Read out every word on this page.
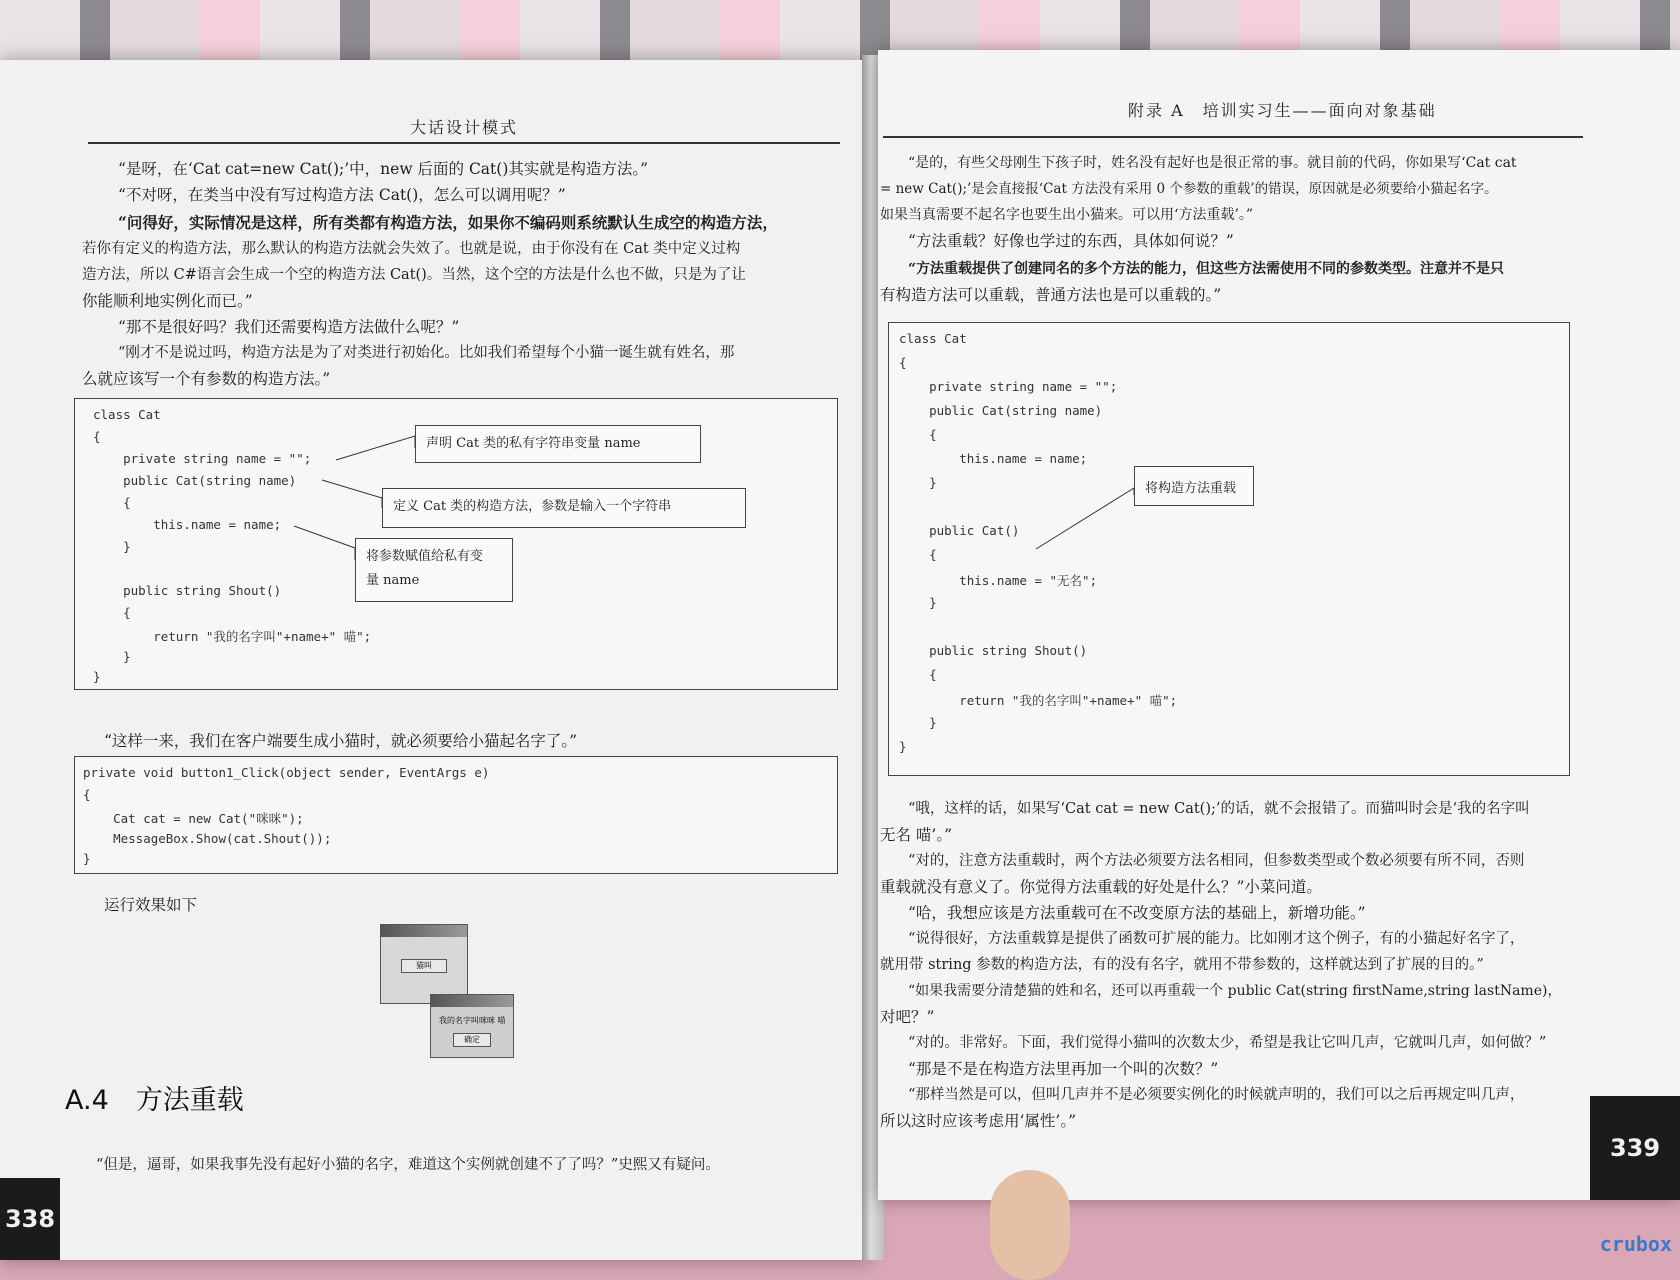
大话设计模式

“是呀，在‘Cat cat=new Cat();’中，new 后面的 Cat()其实就是构造方法。”

“不对呀，在类当中没有写过构造方法 Cat()，怎么可以调用呢？”

“问得好，实际情况是这样，所有类都有构造方法，如果你不编码则系统默认生成空的构造方法，

若你有定义的构造方法，那么默认的构造方法就会失效了。也就是说，由于你没有在 Cat 类中定义过构

造方法，所以 C#语言会生成一个空的构造方法 Cat()。当然，这个空的方法是什么也不做，只是为了让

你能顺利地实例化而已。”

“那不是很好吗？我们还需要构造方法做什么呢？”

“刚才不是说过吗，构造方法是为了对类进行初始化。比如我们希望每个小猫一诞生就有姓名，那

么就应该写一个有参数的构造方法。”

class Cat
{
private string name = "";
public Cat(string name)
{
this.name = name;
}
public string Shout()
{
return "我的名字叫"+name+" 喵";
}
}
声明 Cat 类的私有字符串变量 name
定义 Cat 类的构造方法，参数是输入一个字符串
将参数赋值给私有变
量 name

“这样一来，我们在客户端要生成小猫时，就必须要给小猫起名字了。”

private void button1_Click(object sender, EventArgs e)
{
Cat cat = new Cat("咪咪");
MessageBox.Show(cat.Shout());
}

运行效果如下

猫叫
我的名字叫咪咪 喵
确定
A.4　方法重载

“但是，逼哥，如果我事先没有起好小猫的名字，难道这个实例就创建不了了吗？”史熙又有疑问。

338
附录 A　培训实习生——面向对象基础

“是的，有些父母刚生下孩子时，姓名没有起好也是很正常的事。就目前的代码，你如果写‘Cat cat

= new Cat();’是会直接报‘Cat 方法没有采用 0 个参数的重载’的错误，原因就是必须要给小猫起名字。

如果当真需要不起名字也要生出小猫来。可以用‘方法重载’。”

“方法重载？好像也学过的东西，具体如何说？”

“方法重载提供了创建同名的多个方法的能力，但这些方法需使用不同的参数类型。注意并不是只

有构造方法可以重载，普通方法也是可以重载的。”

class Cat
{
private string name = "";
public Cat(string name)
{
this.name = name;
}
public Cat()
{
this.name = "无名";
}
public string Shout()
{
return "我的名字叫"+name+" 喵";
}
}
将构造方法重载

“哦，这样的话，如果写‘Cat cat = new Cat();’的话，就不会报错了。而猫叫时会是‘我的名字叫

无名 喵’。”

“对的，注意方法重载时，两个方法必须要方法名相同，但参数类型或个数必须要有所不同，否则

重载就没有意义了。你觉得方法重载的好处是什么？”小菜问道。

“哈，我想应该是方法重载可在不改变原方法的基础上，新增功能。”

“说得很好，方法重载算是提供了函数可扩展的能力。比如刚才这个例子，有的小猫起好名字了，

就用带 string 参数的构造方法，有的没有名字，就用不带参数的，这样就达到了扩展的目的。”

“如果我需要分清楚猫的姓和名，还可以再重载一个 public Cat(string firstName,string lastName)，

对吧？”

“对的。非常好。下面，我们觉得小猫叫的次数太少，希望是我让它叫几声，它就叫几声，如何做？”

“那是不是在构造方法里再加一个叫的次数？”

“那样当然是可以，但叫几声并不是必须要实例化的时候就声明的，我们可以之后再规定叫几声，

所以这时应该考虑用‘属性’。”

339
crubox
